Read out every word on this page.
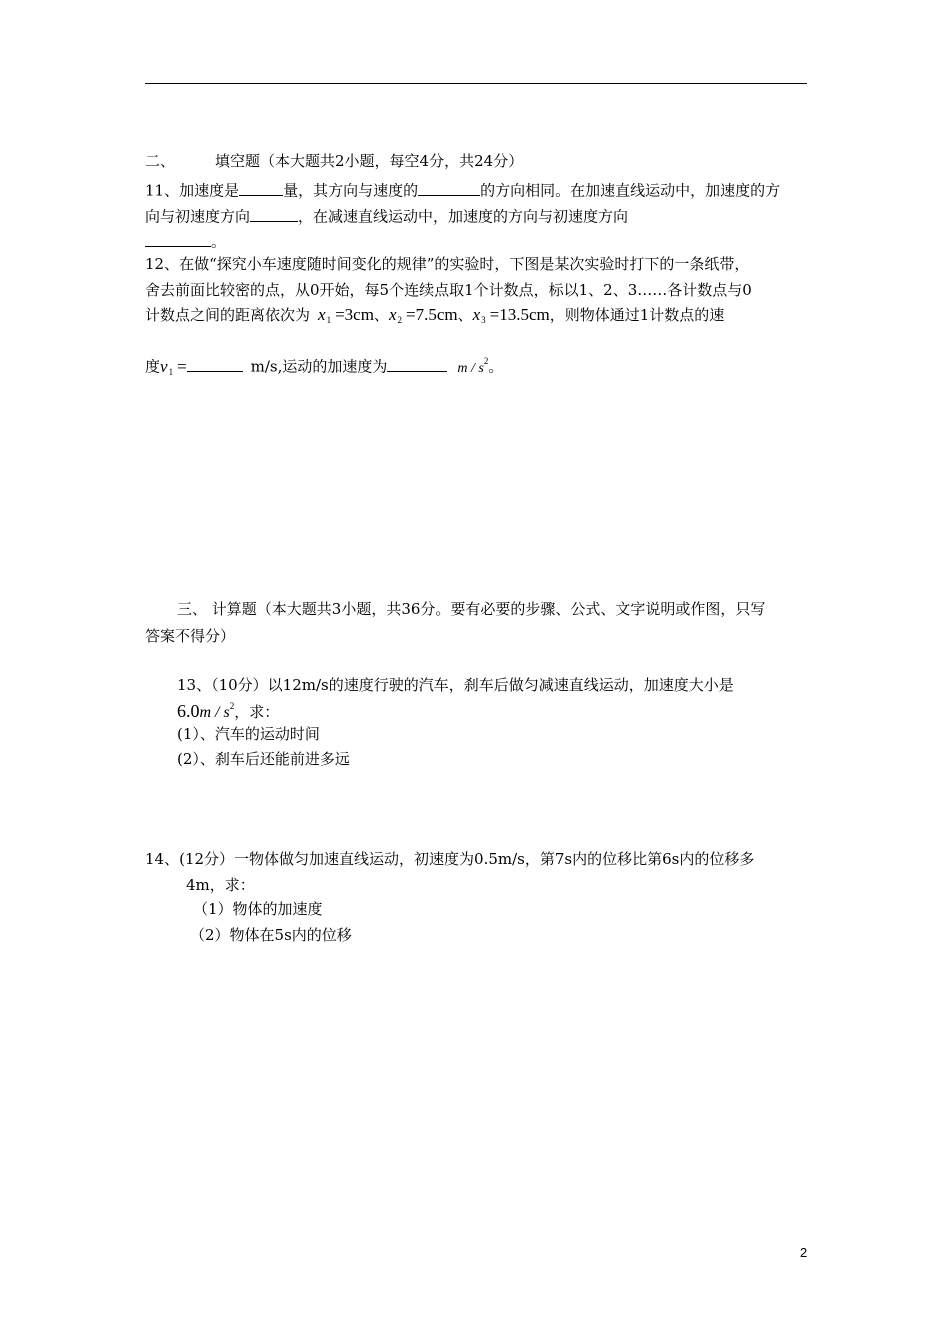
二、	填空题（本大题共2小题，每空4分，共24分）
11、加速度是	量，其方向与速度的	的方向相同。在加速直线运动中，加速度的方
向与初速度方向	，在减速直线运动中，加速度的方向与初速度方向
。
12、在做“探究小车速度随时间变化的规律”的实验时，下图是某次实验时打下的一条纸带，
舍去前面比较密的点，从0开始，每5个连续点取1个计数点，标以1、2、3……各计数点与0
计数点之间的距离依次为 $x_1 =3cm$、$x_2 =7.5cm$、$x_3 =13.5cm$，则物体通过1计数点的速
度$v_1$ =	m/s,运动的加速度为	m / $s^2$。
三、 计算题（本大题共3小题，共36分。要有必要的步骤、公式、文字说明或作图，只写
答案不得分）
13、（10分）以12m/s的速度行驶的汽车，刹车后做匀减速直线运动，加速度大小是
$6.0m / s^2$，求：
(1）、汽车的运动时间
(2）、刹车后还能前进多远
14、(12分）一物体做匀加速直线运动，初速度为0.5m/s，第7s内的位移比第6s内的位移多
4m，求：
（1）物体的加速度
（2）物体在5s内的位移
2
